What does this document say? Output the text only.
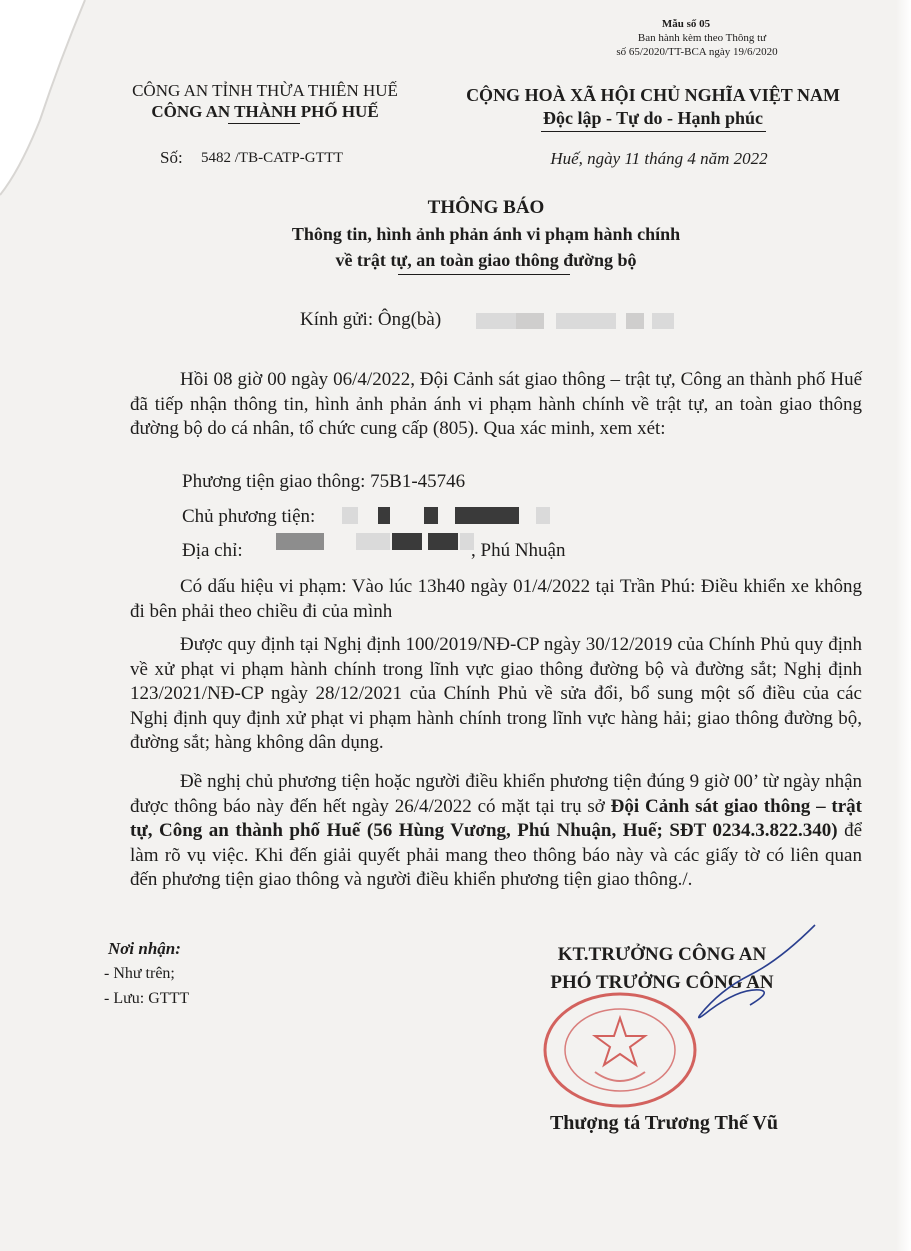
Mẫu số 05
Ban hành kèm theo Thông tư
số 65/2020/TT-BCA ngày 19/6/2020
CÔNG AN TỈNH THỪA THIÊN HUẾ
CÔNG AN THÀNH PHỐ HUẾ
Số: 5482 /TB-CATP-GTTT
CỘNG HOÀ XÃ HỘI CHỦ NGHĨA VIỆT NAM
Độc lập - Tự do - Hạnh phúc
Huế, ngày 11 tháng 4 năm 2022
THÔNG BÁO
Thông tin, hình ảnh phản ánh vi phạm hành chính
về trật tự, an toàn giao thông đường bộ
Kính gửi: Ông(bà)
Hồi 08 giờ 00 ngày 06/4/2022, Đội Cảnh sát giao thông – trật tự, Công an thành phố Huế đã tiếp nhận thông tin, hình ảnh phản ánh vi phạm hành chính về trật tự, an toàn giao thông đường bộ do cá nhân, tổ chức cung cấp (805). Qua xác minh, xem xét:
Phương tiện giao thông: 75B1-45746
Chủ phương tiện:
Địa chỉ:	, Phú Nhuận
Có dấu hiệu vi phạm: Vào lúc 13h40 ngày 01/4/2022 tại Trần Phú: Điều khiển xe không đi bên phải theo chiều đi của mình
Được quy định tại Nghị định 100/2019/NĐ-CP ngày 30/12/2019 của Chính Phủ quy định về xử phạt vi phạm hành chính trong lĩnh vực giao thông đường bộ và đường sắt; Nghị định 123/2021/NĐ-CP ngày 28/12/2021 của Chính Phủ về sửa đổi, bổ sung một số điều của các Nghị định quy định xử phạt vi phạm hành chính trong lĩnh vực hàng hải; giao thông đường bộ, đường sắt; hàng không dân dụng.
Đề nghị chủ phương tiện hoặc người điều khiển phương tiện đúng 9 giờ 00’ từ ngày nhận được thông báo này đến hết ngày 26/4/2022 có mặt tại trụ sở Đội Cảnh sát giao thông – trật tự, Công an thành phố Huế (56 Hùng Vương, Phú Nhuận, Huế; SĐT 0234.3.822.340) để làm rõ vụ việc. Khi đến giải quyết phải mang theo thông báo này và các giấy tờ có liên quan đến phương tiện giao thông và người điều khiển phương tiện giao thông./.
Nơi nhận:
- Như trên;
- Lưu: GTTT
KT.TRƯỞNG CÔNG AN
PHÓ TRƯỞNG CÔNG AN
Thượng tá Trương Thế Vũ
